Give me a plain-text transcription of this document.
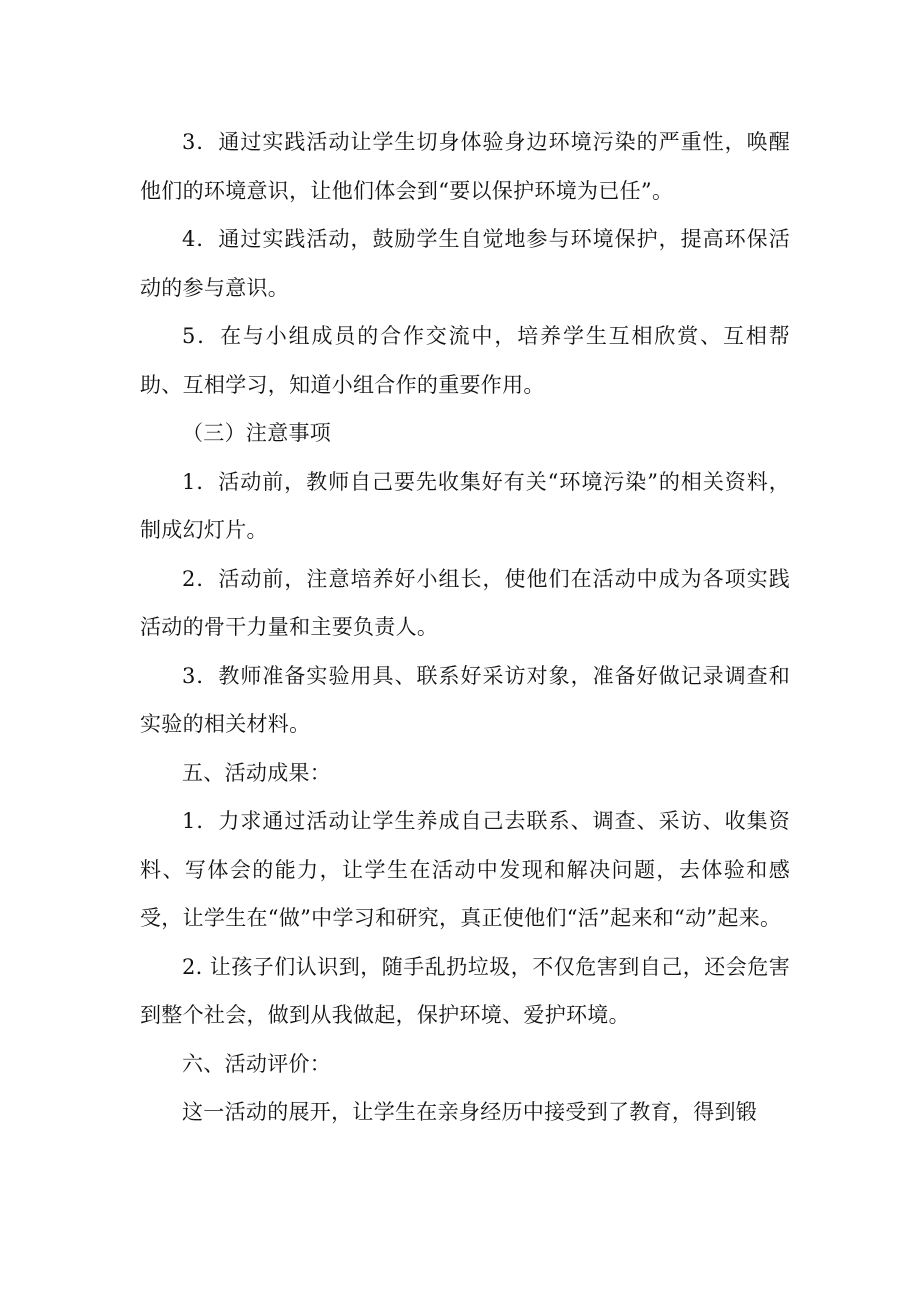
3．通过实践活动让学生切身体验身边环境污染的严重性，唤醒他们的环境意识，让他们体会到“要以保护环境为已任”。

4．通过实践活动，鼓励学生自觉地参与环境保护，提高环保活动的参与意识。

5．在与小组成员的合作交流中，培养学生互相欣赏、互相帮助、互相学习，知道小组合作的重要作用。

（三）注意事项

1．活动前，教师自己要先收集好有关“环境污染”的相关资料，制成幻灯片。

2．活动前，注意培养好小组长，使他们在活动中成为各项实践活动的骨干力量和主要负责人。

3．教师准备实验用具、联系好采访对象，准备好做记录调查和实验的相关材料。

五、活动成果：

1．力求通过活动让学生养成自己去联系、调查、采访、收集资料、写体会的能力，让学生在活动中发现和解决问题，去体验和感受，让学生在“做”中学习和研究，真正使他们“活”起来和“动”起来。

2. 让孩子们认识到，随手乱扔垃圾，不仅危害到自己，还会危害到整个社会，做到从我做起，保护环境、爱护环境。

六、活动评价：

这一活动的展开，让学生在亲身经历中接受到了教育，得到锻
